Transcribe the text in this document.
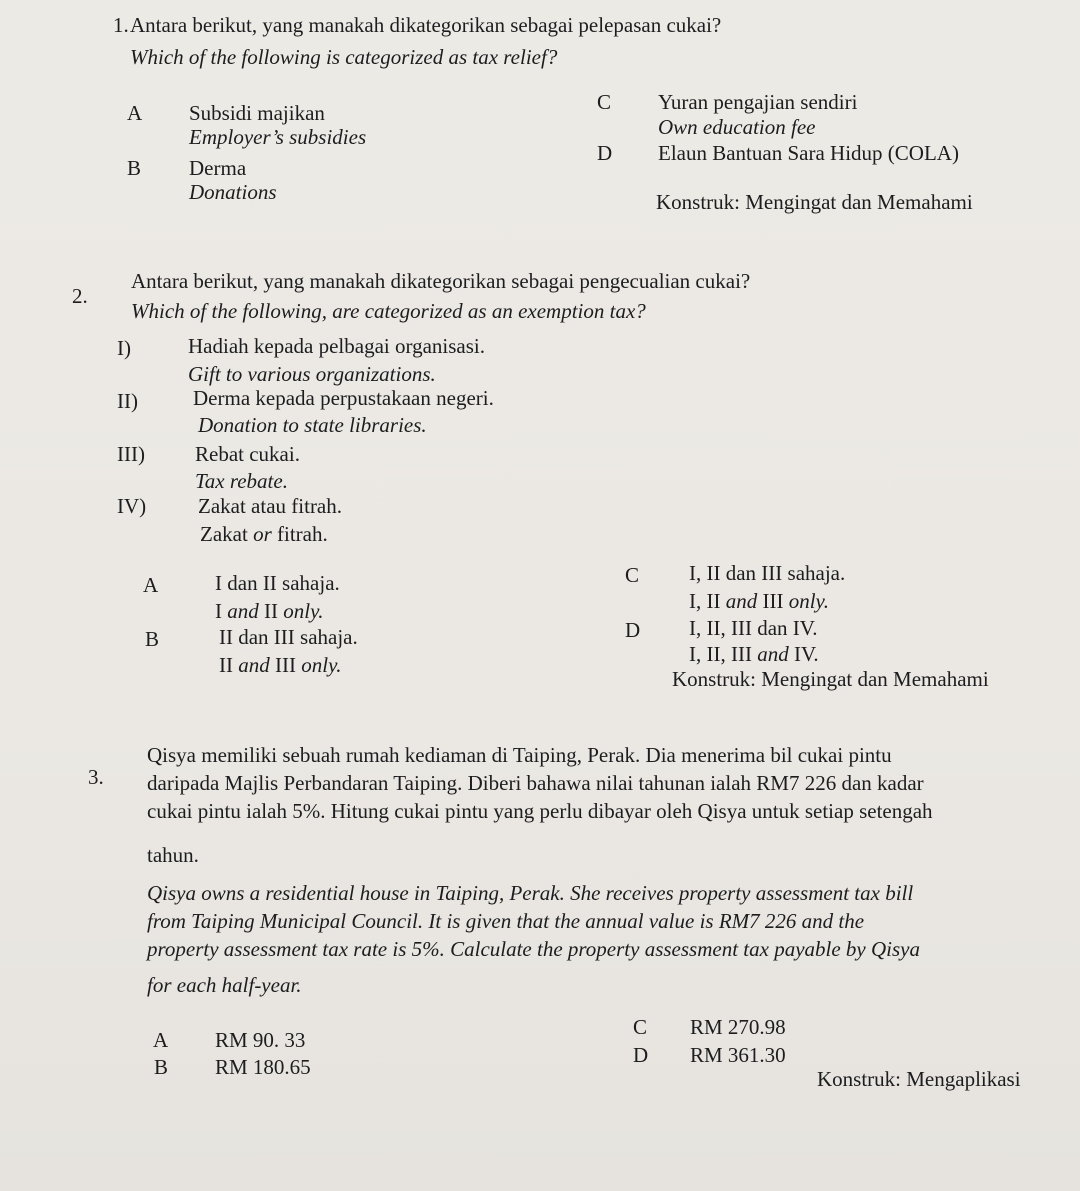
1. Antara berikut, yang manakah dikategorikan sebagai pelepasan cukai?
Which of the following is categorized as tax relief?
A Subsidi majikan
Employer’s subsidies
B Derma
Donations
C Yuran pengajian sendiri
Own education fee
D Elaun Bantuan Sara Hidup (COLA)
Konstruk: Mengingat dan Memahami
2.
Antara berikut, yang manakah dikategorikan sebagai pengecualian cukai?
Which of the following, are categorized as an exemption tax?
I)	Hadiah kepada pelbagai organisasi.
Gift to various organizations.
II)	Derma kepada perpustakaan negeri.
Donation to state libraries.
III) Rebat cukai.
Tax rebate.
IV) Zakat atau fitrah.
Zakat or fitrah.
A	I dan II sahaja.
I and II only.
B	II dan III sahaja.
II and III only.
C I, II dan III sahaja.
I, II and III only.
D I, II, III dan IV.
I, II, III and IV.
Konstruk: Mengingat dan Memahami
3.
Qisya memiliki sebuah rumah kediaman di Taiping, Perak. Dia menerima bil cukai pintu
daripada Majlis Perbandaran Taiping. Diberi bahawa nilai tahunan ialah RM7 226 dan kadar
cukai pintu ialah 5%. Hitung cukai pintu yang perlu dibayar oleh Qisya untuk setiap setengah
tahun.
Qisya owns a residential house in Taiping, Perak. She receives property assessment tax bill
from Taiping Municipal Council. It is given that the annual value is RM7 226 and the
property assessment tax rate is 5%. Calculate the property assessment tax payable by Qisya
for each half-year.
A RM 90. 33
B RM 180.65
C RM 270.98
D RM 361.30
Konstruk: Mengaplikasi
